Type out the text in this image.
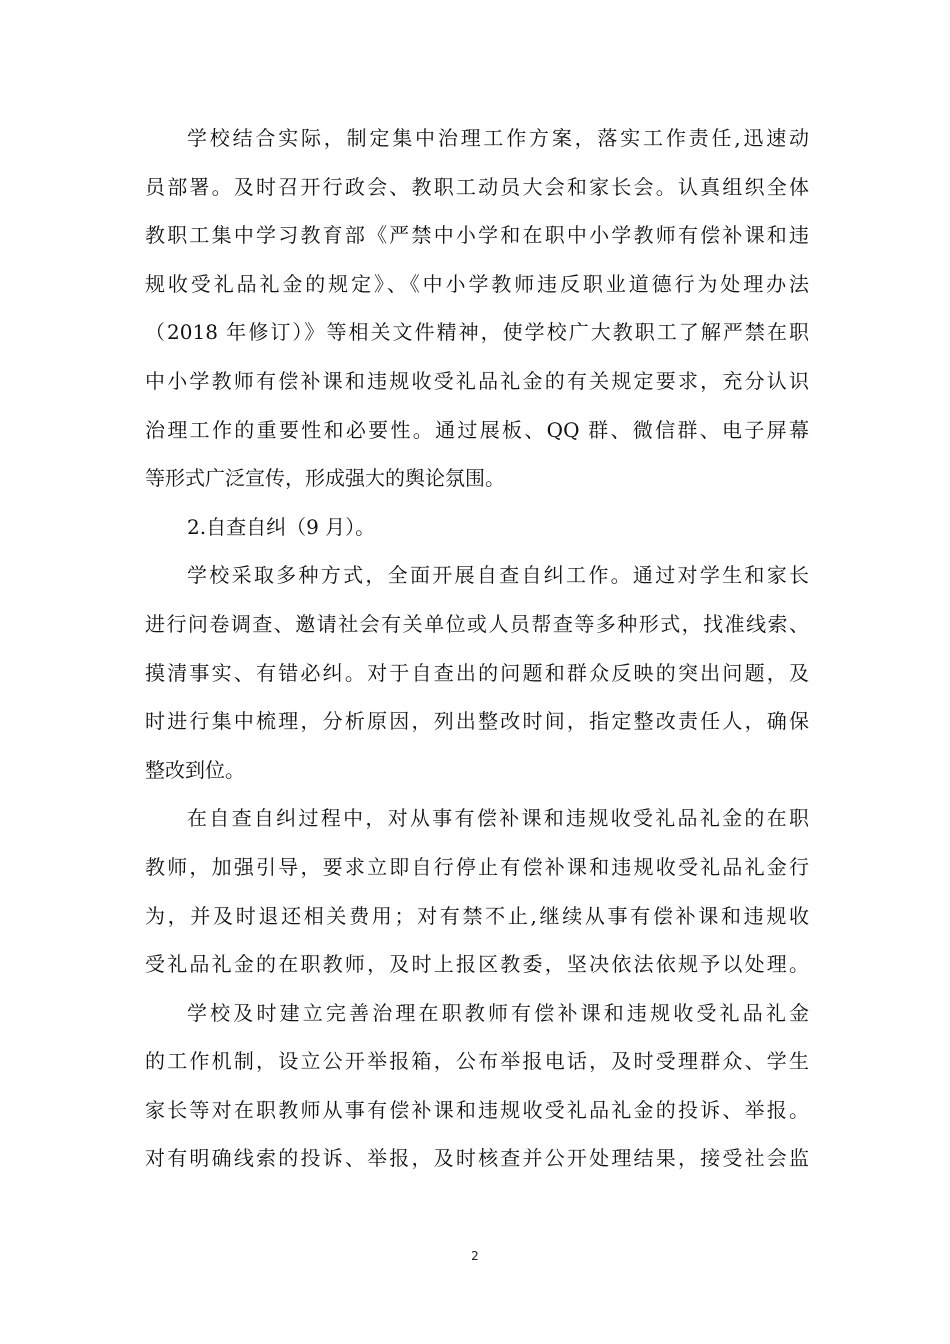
学校结合实际，制定集中治理工作方案，落实工作责任,迅速动
员部署。及时召开行政会、教职工动员大会和家长会。认真组织全体
教职工集中学习教育部《严禁中小学和在职中小学教师有偿补课和违
规收受礼品礼金的规定》、《中小学教师违反职业道德行为处理办法
（2018 年修订）》等相关文件精神，使学校广大教职工了解严禁在职
中小学教师有偿补课和违规收受礼品礼金的有关规定要求，充分认识
治理工作的重要性和必要性。通过展板、QQ 群、微信群、电子屏幕
等形式广泛宣传，形成强大的舆论氛围。
2.自查自纠（9 月）。
学校采取多种方式，全面开展自查自纠工作。通过对学生和家长
进行问卷调查、邀请社会有关单位或人员帮查等多种形式，找准线索、
摸清事实、有错必纠。对于自查出的问题和群众反映的突出问题，及
时进行集中梳理，分析原因，列出整改时间，指定整改责任人，确保
整改到位。
在自查自纠过程中，对从事有偿补课和违规收受礼品礼金的在职
教师，加强引导，要求立即自行停止有偿补课和违规收受礼品礼金行
为，并及时退还相关费用；对有禁不止,继续从事有偿补课和违规收
受礼品礼金的在职教师，及时上报区教委，坚决依法依规予以处理。
学校及时建立完善治理在职教师有偿补课和违规收受礼品礼金
的工作机制，设立公开举报箱，公布举报电话，及时受理群众、学生
家长等对在职教师从事有偿补课和违规收受礼品礼金的投诉、举报。
对有明确线索的投诉、举报，及时核查并公开处理结果，接受社会监
2
